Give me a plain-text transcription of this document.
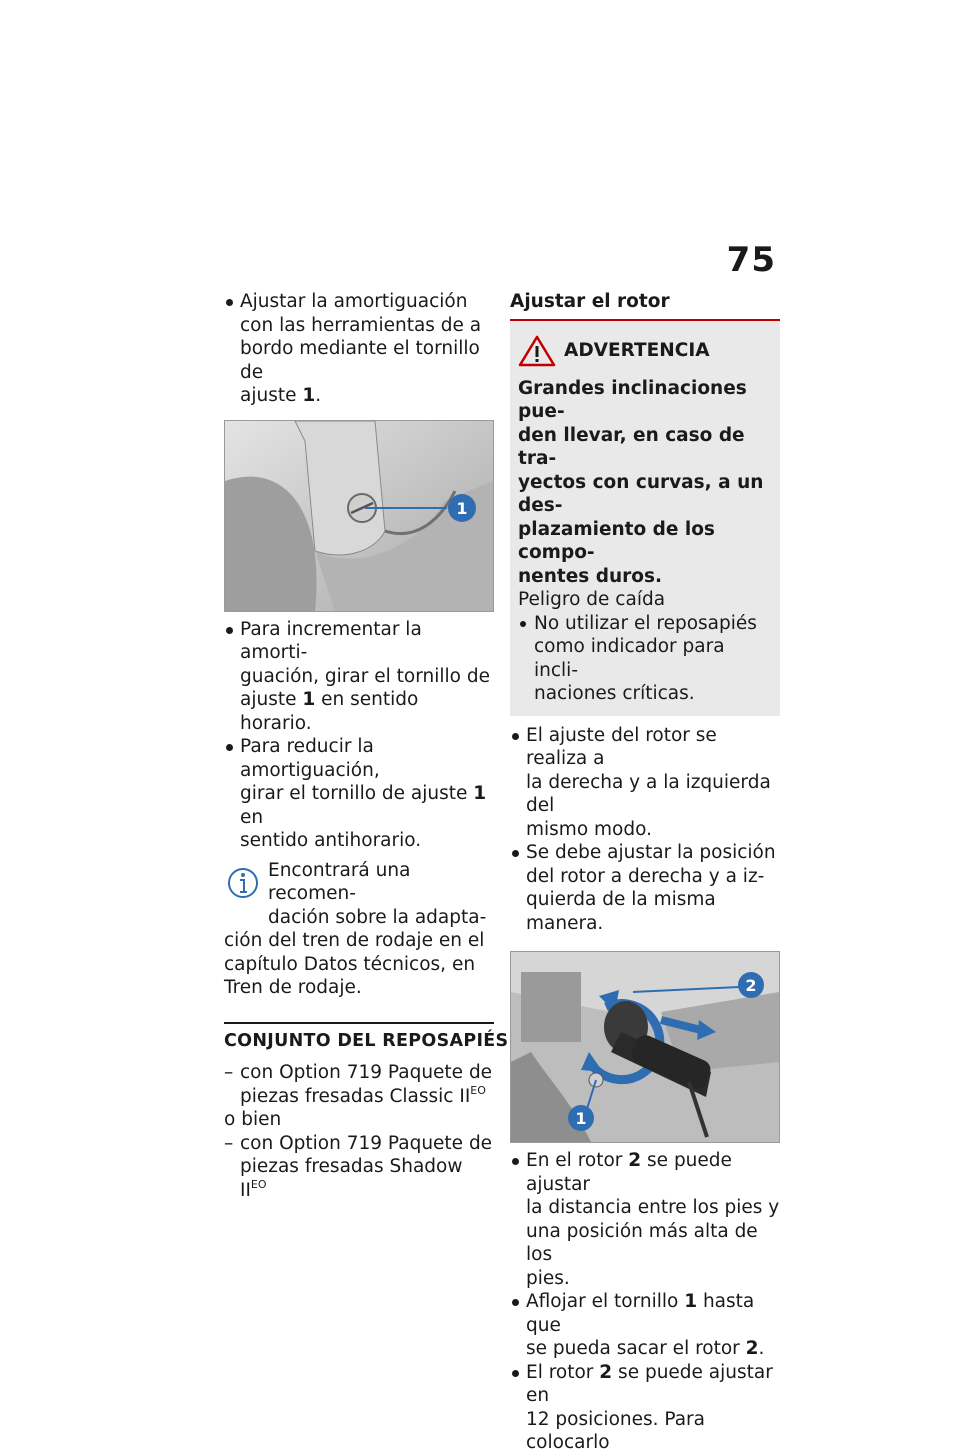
75

Ajustar la amortiguación
con las herramientas de a
bordo mediante el tornillo de
ajuste 1.

1

Para incrementar la amorti-
guación, girar el tornillo de
ajuste 1 en sentido horario.

Para reducir la amortiguación,
girar el tornillo de ajuste 1 en
sentido antihorario.

Encontrará una recomen-
dación sobre la adapta-
ción del tren de rodaje en el
capítulo Datos técnicos, en
Tren de rodaje.
CONJUNTO DEL REPOSAPIÉS

– con Option 719 Paquete de
piezas fresadas Classic $II^{EO}$

o bien

– con Option 719 Paquete de
piezas fresadas Shadow $II^{EO}$

Ajustar el rotor

ADVERTENCIA
Grandes inclinaciones pue-
den llevar, en caso de tra-
yectos con curvas, a un des-
plazamiento de los compo-
nentes duros.
Peligro de caída

No utilizar el reposapiés
como indicador para incli-
naciones críticas.

El ajuste del rotor se realiza a
la derecha y a la izquierda del
mismo modo.

Se debe ajustar la posición
del rotor a derecha y a iz-
quierda de la misma manera.

2
1

En el rotor 2 se puede ajustar
la distancia entre los pies y
una posición más alta de los
pies.

Aflojar el tornillo 1 hasta que
se pueda sacar el rotor 2.

El rotor 2 se puede ajustar en
12 posiciones. Para colocarlo
